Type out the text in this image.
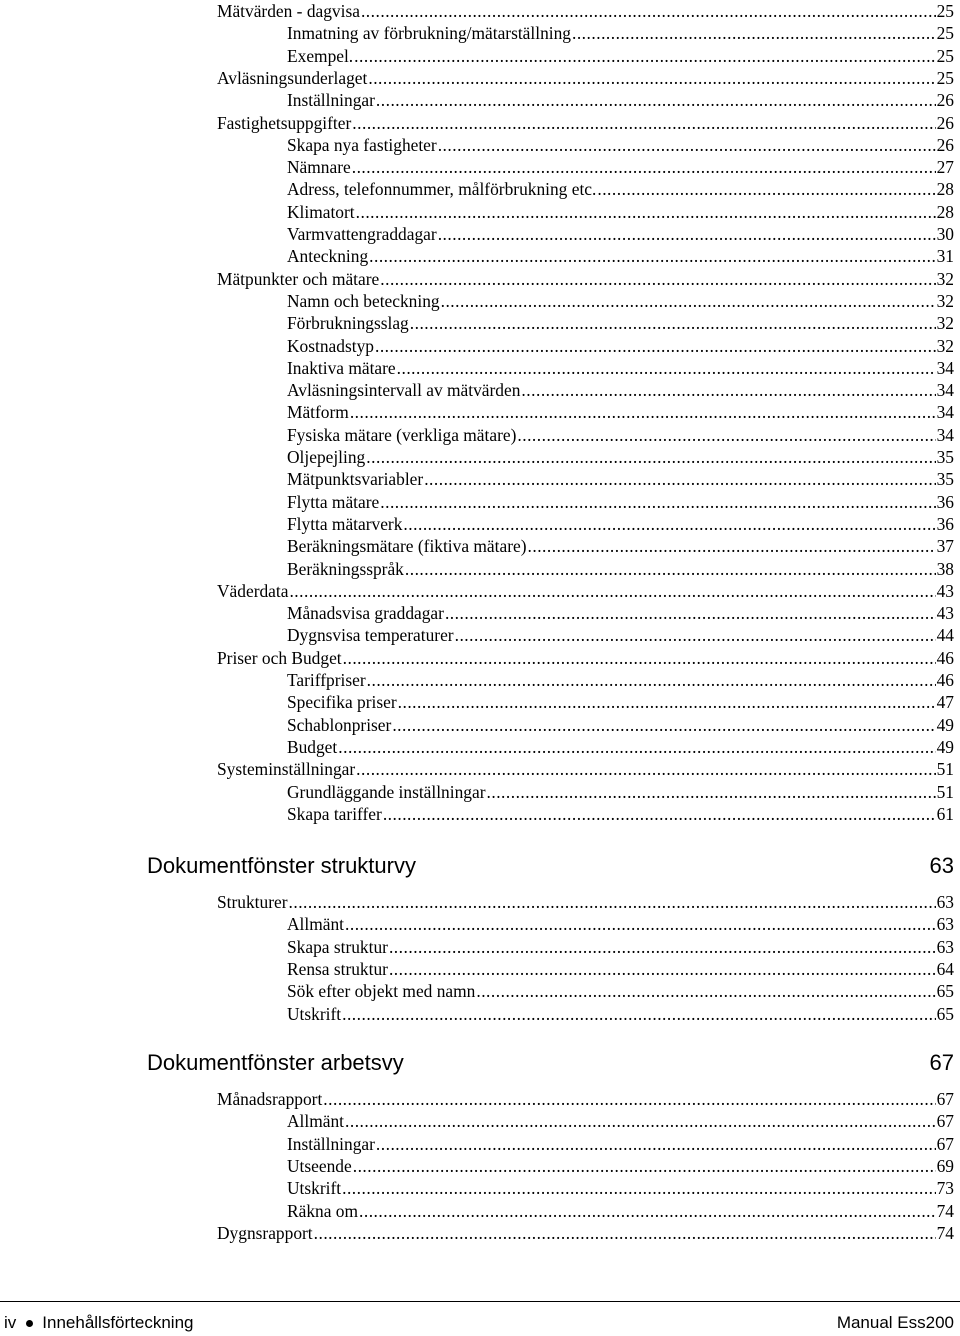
Mätvärden - dagvisa .....	25
Inmatning av förbrukning/mätarställning .....	25
Exempel. .....	25
Avläsningsunderlaget .....	25
Inställningar .....	26
Fastighetsuppgifter .....	26
Skapa nya fastigheter .....	26
Nämnare .....	27
Adress, telefonnummer, målförbrukning etc. .....	28
Klimatort .....	28
Varmvattengraddagar .....	30
Anteckning .....	31
Mätpunkter och mätare .....	32
Namn och beteckning .....	32
Förbrukningsslag .....	32
Kostnadstyp .....	32
Inaktiva mätare .....	34
Avläsningsintervall av mätvärden .....	34
Mätform .....	34
Fysiska mätare (verkliga mätare) .....	34
Oljepejling .....	35
Mätpunktsvariabler .....	35
Flytta mätare .....	36
Flytta mätarverk .....	36
Beräkningsmätare (fiktiva mätare) .....	37
Beräkningsspråk .....	38
Väderdata .....	43
Månadsvisa graddagar .....	43
Dygnsvisa temperaturer .....	44
Priser och Budget .....	46
Tariffpriser .....	46
Specifika priser .....	47
Schablonpriser .....	49
Budget .....	49
Systeminställningar .....	51
Grundläggande inställningar .....	51
Skapa tariffer .....	61
Dokumentfönster strukturvy	63
Strukturer .....	63
Allmänt .....	63
Skapa struktur .....	63
Rensa struktur .....	64
Sök efter objekt med namn .....	65
Utskrift .....	65
Dokumentfönster arbetsvy	67
Månadsrapport .....	67
Allmänt .....	67
Inställningar .....	67
Utseende .....	69
Utskrift .....	73
Räkna om .....	74
Dygnsrapport .....	74
iv Innehållsförteckning	Manual Ess200
